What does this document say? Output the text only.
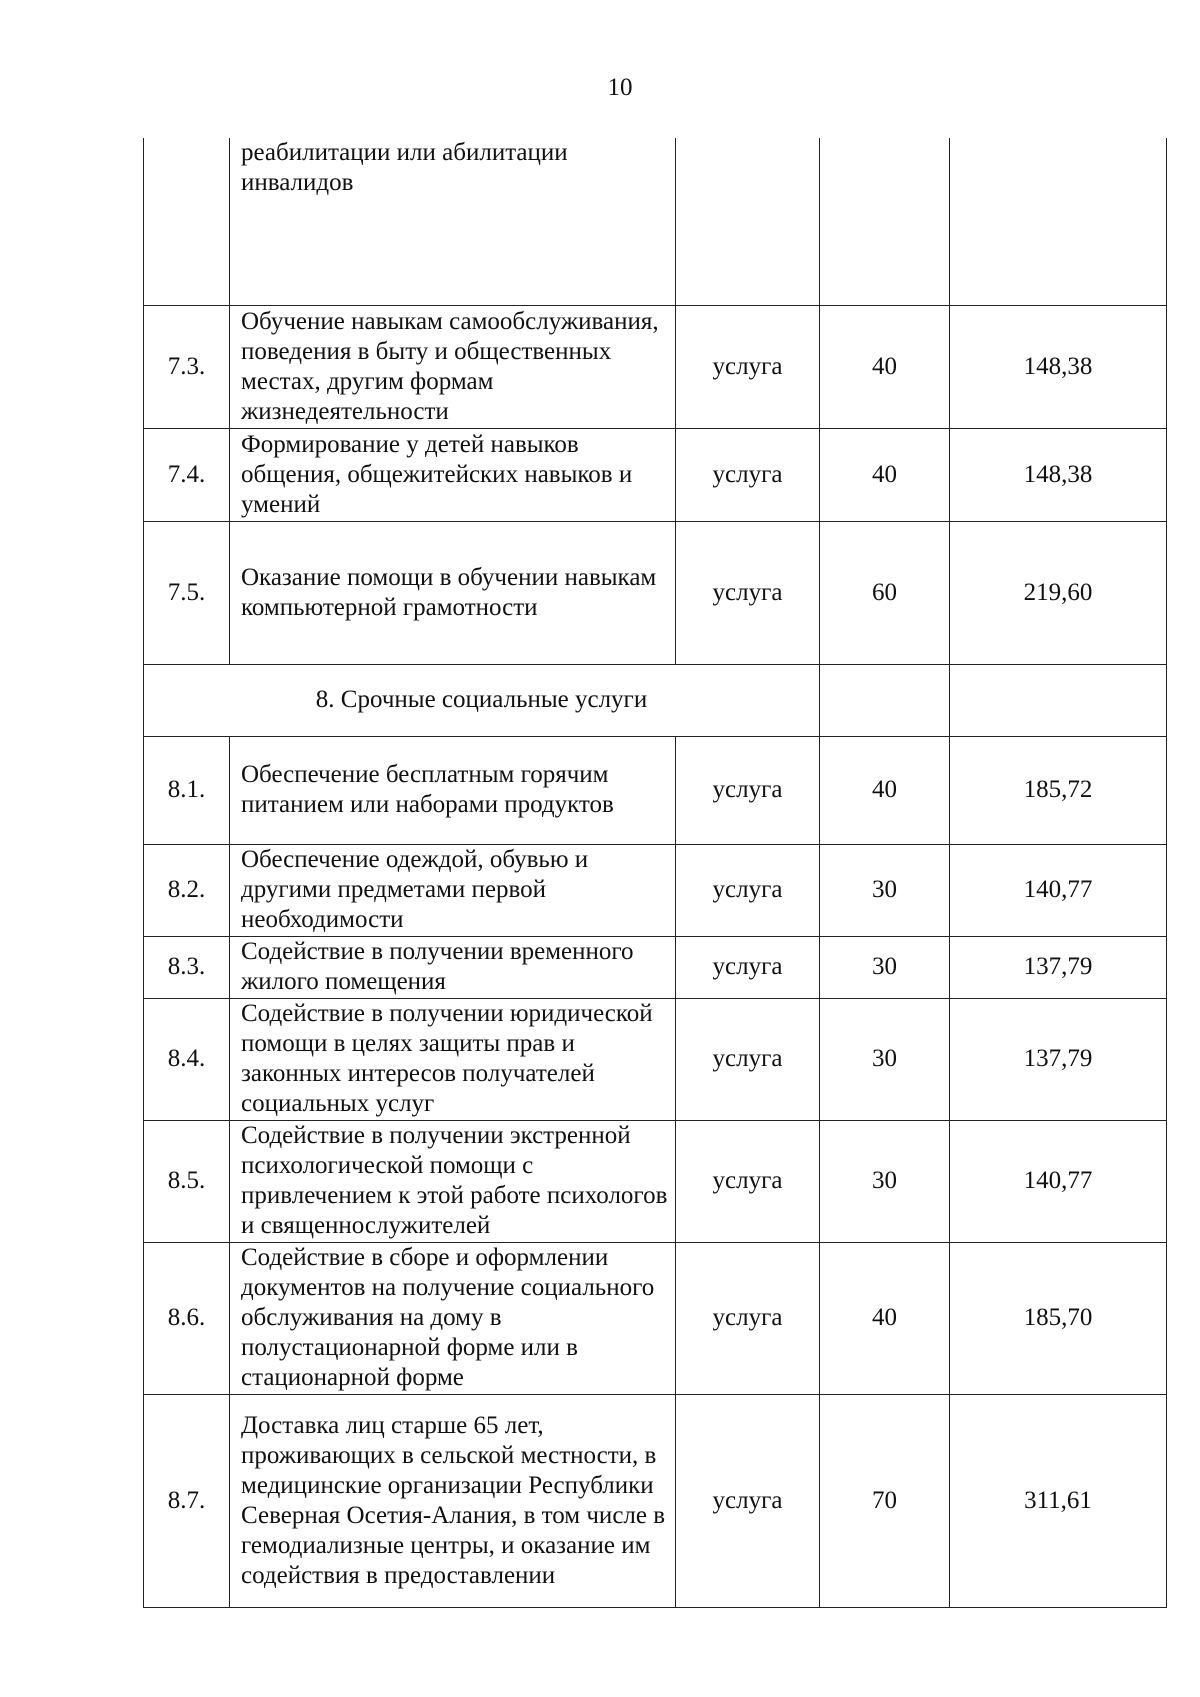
10

	реабилитации или абилитации
инвалидов			

7.3.	Обучение навыкам самообслуживания, поведения в быту и общественных местах, другим формам жизнедеятельности	услуга	40	148,38
7.4.	Формирование у детей навыков общения, общежитейских навыков и умений	услуга	40	148,38
7.5.	Оказание помощи в обучении навыкам компьютерной грамотности	услуга	60	219,60
8. Срочные социальные услуги				
8.1.	Обеспечение бесплатным горячим питанием или наборами продуктов	услуга	40	185,72
8.2.	Обеспечение одеждой, обувью и другими предметами первой необходимости	услуга	30	140,77
8.3.	Содействие в получении временного жилого помещения	услуга	30	137,79
8.4.	Содействие в получении юридической помощи в целях защиты прав и законных интересов получателей социальных услуг	услуга	30	137,79
8.5.	Содействие в получении экстренной психологической помощи с привлечением к этой работе психологов и священнослужителей	услуга	30	140,77
8.6.	Содействие в сборе и оформлении документов на получение социального обслуживания на дому в полустационарной форме или в стационарной форме	услуга	40	185,70
8.7.	Доставка лиц старше 65 лет, проживающих в сельской местности, в медицинские организации Республики Северная Осетия-Алания, в том числе в гемодиализные центры, и оказание им содействия в предоставлении	услуга	70	311,61
